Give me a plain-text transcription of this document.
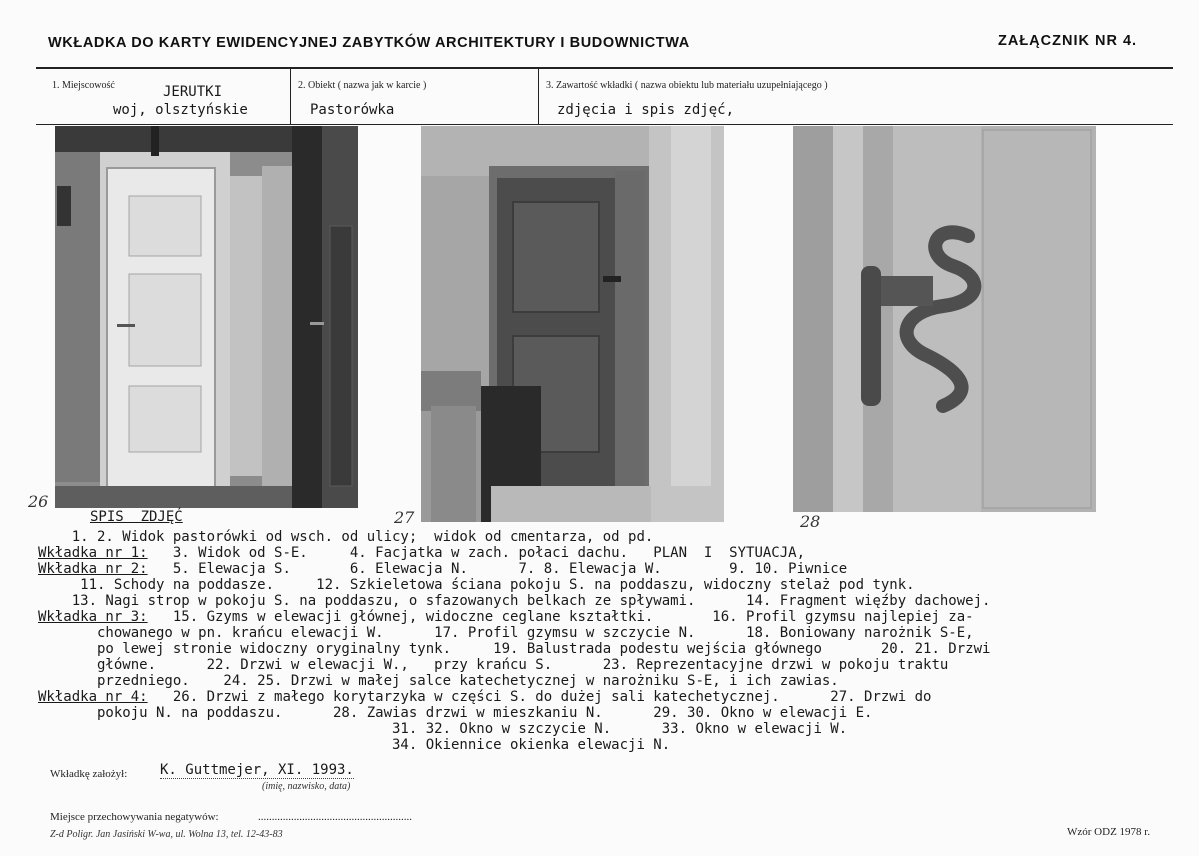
WKŁADKA DO KARTY EWIDENCYJNEJ ZABYTKÓW ARCHITEKTURY I BUDOWNICTWA	ZAŁĄCZNIK NR 4.
1. Miejscowość	JERUTKI
woj, olsztyńskie
2. Obiekt ( nazwa jak w karcie )
Pastorówka
3. Zawartość wkładki ( nazwa obiektu lub materiału uzupełniającego )
zdjęcia i spis zdjęć,
26
27	28
SPIS  ZDJĘĆ
1. 2. Widok pastorówki od wsch. od ulicy;  widok od cmentarza, od pd.
Wkładka nr 1:   3. Widok od S-E.     4. Facjatka w zach. połaci dachu.   PLAN  I  SYTUACJA,
Wkładka nr 2:   5. Elewacja S.       6. Elewacja N.      7. 8. Elewacja W.        9. 10. Piwnice
11. Schody na poddasze.     12. Szkieletowa ściana pokoju S. na poddaszu, widoczny stelaż pod tynk.
13. Nagi strop w pokoju S. na poddaszu, o sfazowanych belkach ze spływami.      14. Fragment więźby dachowej.
Wkładka nr 3:   15. Gzyms w elewacji głównej, widoczne ceglane kształtki.       16. Profil gzymsu najlepiej za-
chowanego w pn. krańcu elewacji W.      17. Profil gzymsu w szczycie N.      18. Boniowany narożnik S-E,
po lewej stronie widoczny oryginalny tynk.     19. Balustrada podestu wejścia głównego       20. 21. Drzwi
główne.      22. Drzwi w elewacji W.,   przy krańcu S.      23. Reprezentacyjne drzwi w pokoju traktu
przedniego.    24. 25. Drzwi w małej salce katechetycznej w narożniku S-E, i ich zawias.
Wkładka nr 4:   26. Drzwi z małego korytarzyka w części S. do dużej sali katechetycznej.      27. Drzwi do
pokoju N. na poddaszu.      28. Zawias drzwi w mieszkaniu N.      29. 30. Okno w elewacji E.
31. 32. Okno w szczycie N.      33. Okno w elewacji W.
34. Okiennice okienka elewacji N.
Wkładkę założył: K. Guttmejer, XI. 1993.
(imię, nazwisko, data)
Miejsce przechowywania negatywów:	........................................................
Z-d Poligr. Jan Jasiński W-wa, ul. Wolna 13, tel. 12-43-83	Wzór ODZ 1978 r.
